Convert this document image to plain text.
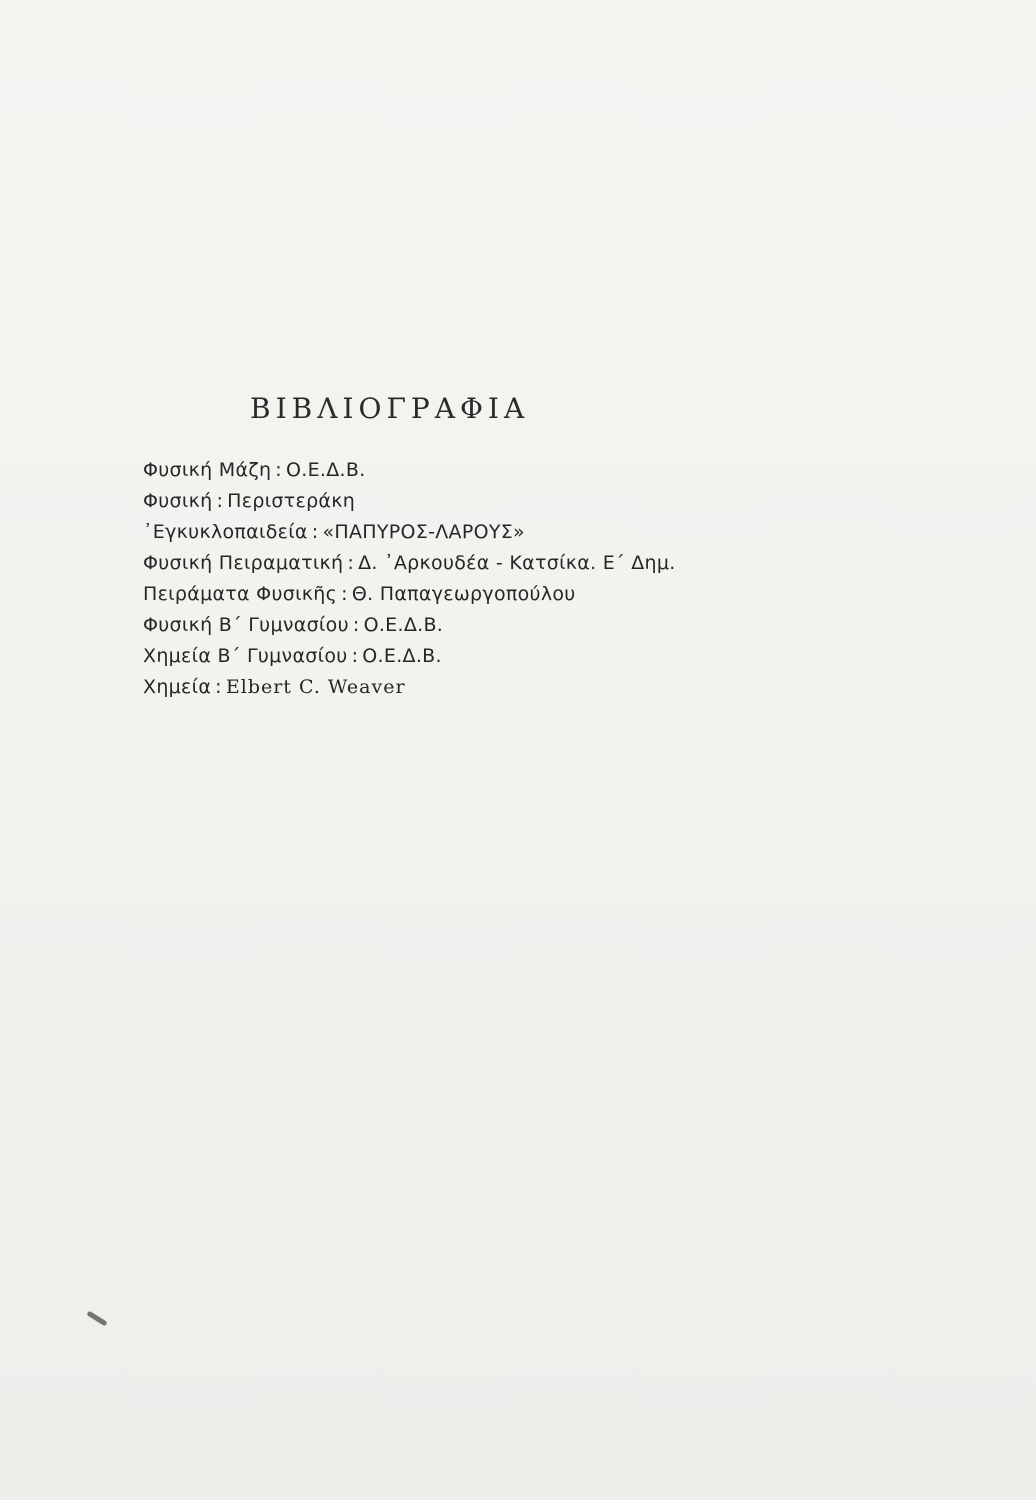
ΒΙΒΛΙΟΓΡΑΦΙΑ
Φυσική Μάζη : Ο.Ε.Δ.Β.
Φυσική : Περιστεράκη
᾿Εγκυκλοπαιδεία : «ΠΑΠΥΡΟΣ-ΛΑΡΟΥΣ»
Φυσική Πειραματική : Δ. ᾿Αρκουδέα - Κατσίκα. Ε΄ Δημ.
Πειράματα Φυσικῆς : Θ. Παπαγεωργοπούλου
Φυσική Β΄ Γυμνασίου : Ο.Ε.Δ.Β.
Χημεία Β΄ Γυμνασίου : Ο.Ε.Δ.Β.
Χημεία : Elbert C. Weaver
